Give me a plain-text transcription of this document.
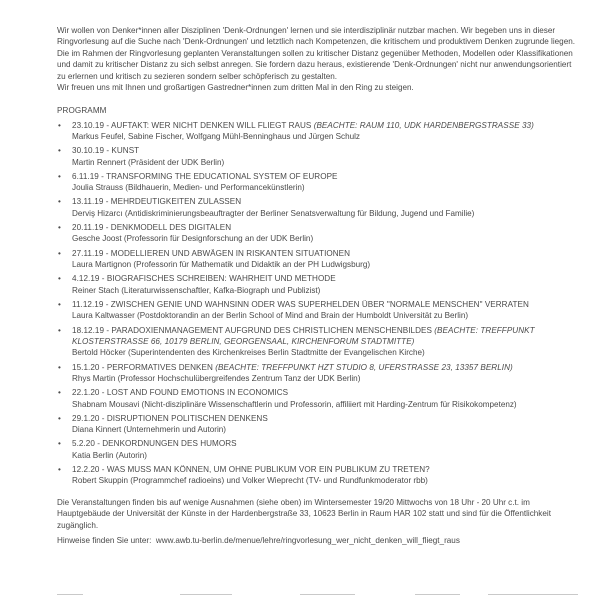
Wir wollen von Denker*innen aller Disziplinen 'Denk-Ordnungen' lernen und sie interdisziplinär nutzbar machen. Wir begeben uns in dieser Ringvorlesung auf die Suche nach 'Denk-Ordnungen' und letztlich nach Kompetenzen, die kritischem und produktivem Denken zugrunde liegen.

Die im Rahmen der Ringvorlesung geplanten Veranstaltungen sollen zu kritischer Distanz gegenüber Methoden, Modellen oder Klassifikationen und damit zu kritischer Distanz zu sich selbst anregen. Sie fordern dazu heraus, existierende 'Denk-Ordnungen' nicht nur anwendungsorientiert zu erlernen und kritisch zu sezieren sondern selber schöpferisch zu gestalten.

Wir freuen uns mit Ihnen und großartigen Gastredner*innen zum dritten Mal in den Ring zu steigen.

PROGRAMM
• 23.10.19 - AUFTAKT: WER NICHT DENKEN WILL FLIEGT RAUS (BEACHTE: RAUM 110, UDK HARDENBERGSTRASSE 33)
Markus Feufel, Sabine Fischer, Wolfgang Mühl-Benninghaus und Jürgen Schulz
• 30.10.19 - KUNST
Martin Rennert (Präsident der UDK Berlin)
• 6.11.19 - TRANSFORMING THE EDUCATIONAL SYSTEM OF EUROPE
Joulia Strauss (Bildhauerin, Medien- und Performancekünstlerin)
• 13.11.19 - MEHRDEUTIGKEITEN ZULASSEN
Derviş Hizarcı (Antidiskriminierungsbeauftragter der Berliner Senatsverwaltung für Bildung, Jugend und Familie)
• 20.11.19 - DENKMODELL DES DIGITALEN
Gesche Joost (Professorin für Designforschung an der UDK Berlin)
• 27.11.19 - MODELLIEREN UND ABWÄGEN IN RISKANTEN SITUATIONEN
Laura Martignon (Professorin für Mathematik und Didaktik an der PH Ludwigsburg)
• 4.12.19 - BIOGRAFISCHES SCHREIBEN: WAHRHEIT UND METHODE
Reiner Stach (Literaturwissenschaftler, Kafka-Biograph und Publizist)
• 11.12.19 - ZWISCHEN GENIE UND WAHNSINN ODER WAS SUPERHELDEN ÜBER "NORMALE MENSCHEN" VERRATEN
Laura Kaltwasser (Postdoktorandin an der Berlin School of Mind and Brain der Humboldt Universität zu Berlin)
• 18.12.19 - PARADOXIENMANAGEMENT AUFGRUND DES CHRISTLICHEN MENSCHENBILDES (BEACHTE: TREFFPUNKT KLOSTERSTRASSE 66, 10179 BERLIN, GEORGENSAAL, KIRCHENFORUM STADTMITTE)
Bertold Höcker (Superintendenten des Kirchenkreises Berlin Stadtmitte der Evangelischen Kirche)
• 15.1.20 - PERFORMATIVES DENKEN (BEACHTE: TREFFPUNKT HZT STUDIO 8, UFERSTRASSE 23, 13357 BERLIN)
Rhys Martin (Professor Hochschulübergreifendes Zentrum Tanz der UDK Berlin)
• 22.1.20 - LOST AND FOUND EMOTIONS IN ECONOMICS
Shabnam Mousavi (Nicht-disziplinäre Wissenschaftlerin und Professorin, affiliiert mit Harding-Zentrum für Risikokompetenz)
• 29.1.20 - DISRUPTIONEN POLITISCHEN DENKENS
Diana Kinnert (Unternehmerin und Autorin)
• 5.2.20 - DENKORDNUNGEN DES HUMORS
Katia Berlin (Autorin)
• 12.2.20 - WAS MUSS MAN KÖNNEN, UM OHNE PUBLIKUM VOR EIN PUBLIKUM ZU TRETEN?
Robert Skuppin (Programmchef radioeins) und Volker Wieprecht (TV- und Rundfunkmoderator rbb)

Die Veranstaltungen finden bis auf wenige Ausnahmen (siehe oben) im Wintersemester 19/20 Mittwochs von 18 Uhr - 20 Uhr c.t. im Hauptgebäude der Universität der Künste in der Hardenbergstraße 33, 10623 Berlin in Raum HAR 102 statt und sind für die Öffentlichkeit zugänglich.

Hinweise finden Sie unter: www.awb.tu-berlin.de/menue/lehre/ringvorlesung_wer_nicht_denken_will_fliegt_raus
